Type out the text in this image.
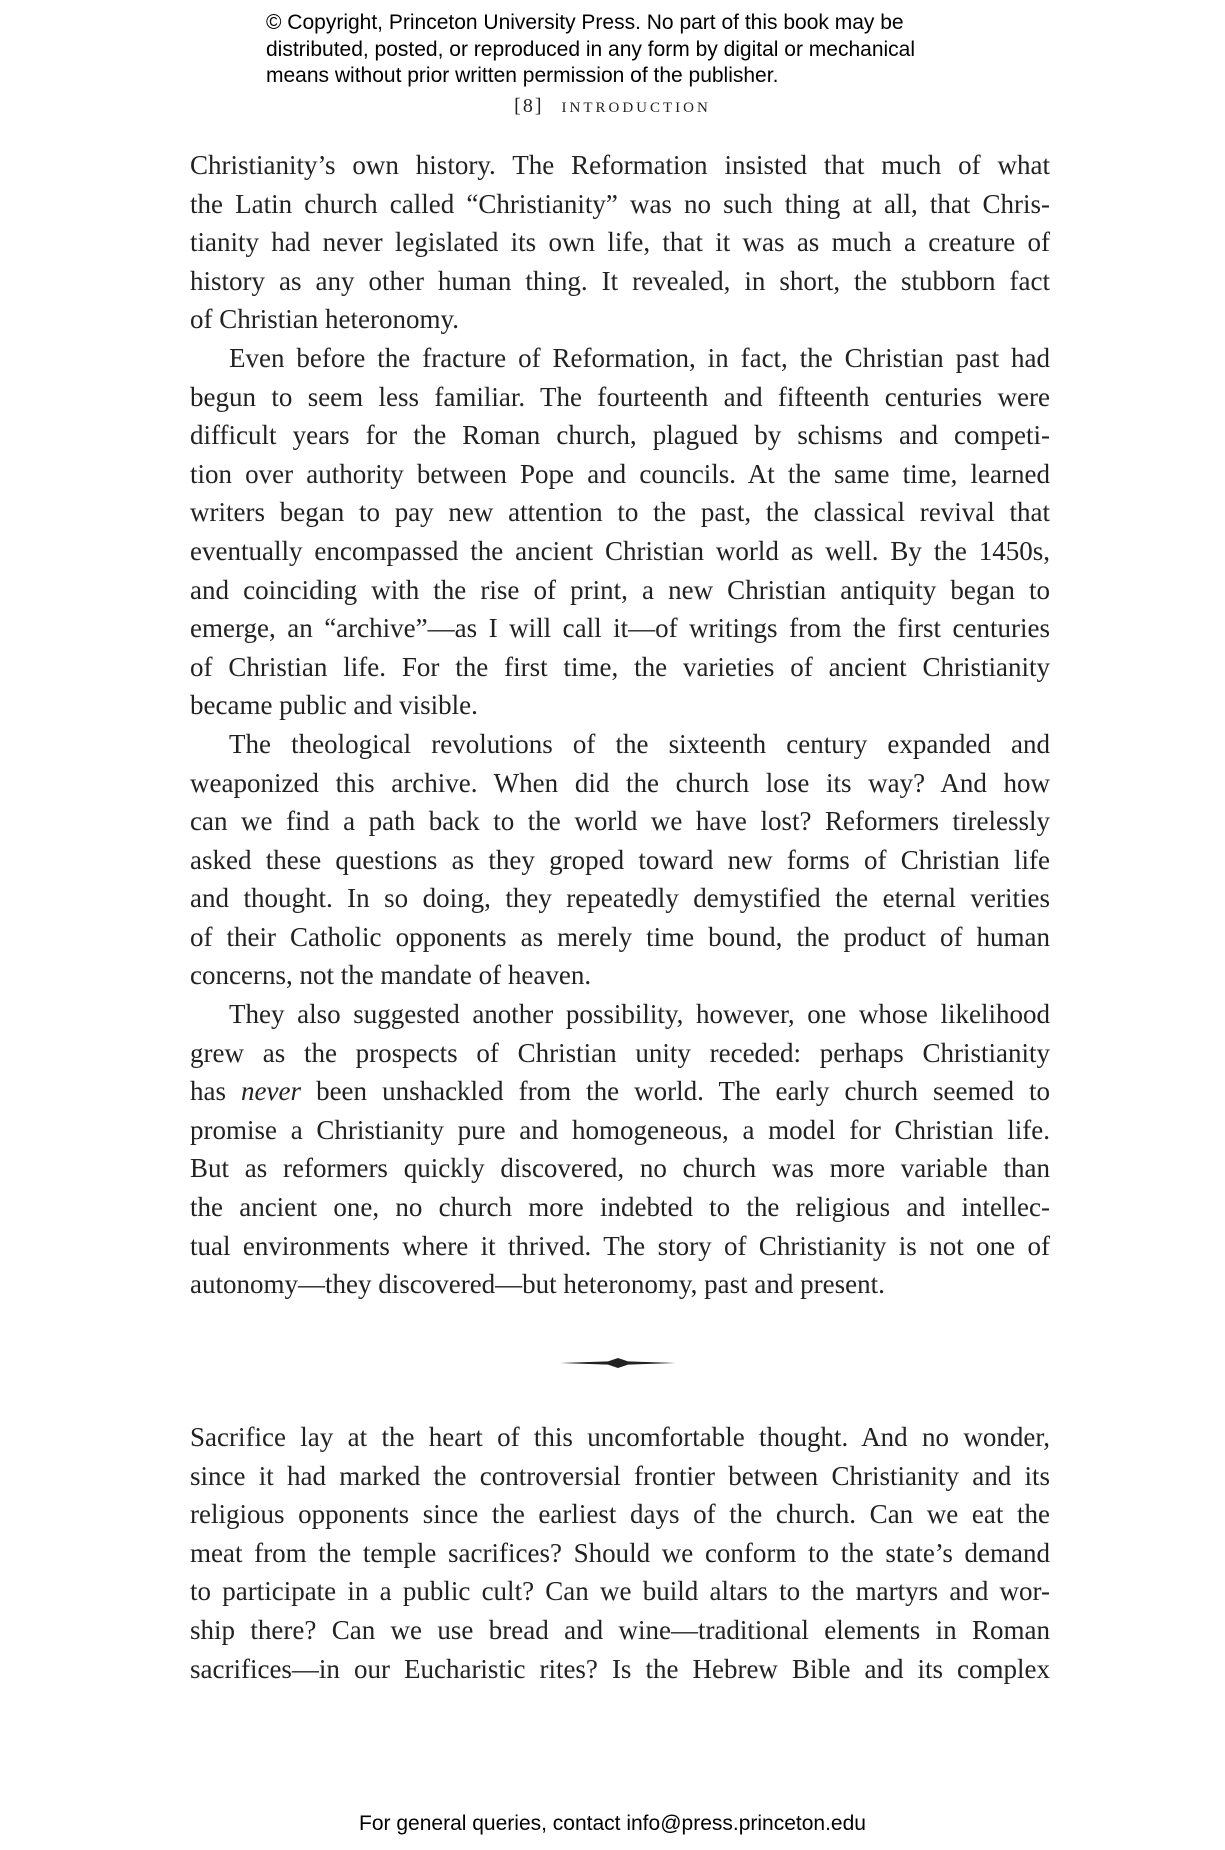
© Copyright, Princeton University Press. No part of this book may be
distributed, posted, or reproduced in any form by digital or mechanical
means without prior written permission of the publisher.
[8] introduction
Christianity’s own history. The Reformation insisted that much of what
the Latin church called “Christianity” was no such thing at all, that Chris-
tianity had never legislated its own life, that it was as much a creature of
history as any other human thing. It revealed, in short, the stubborn fact
of Christian heteronomy.
Even before the fracture of Reformation, in fact, the Christian past had
begun to seem less familiar. The fourteenth and fifteenth centuries were
difficult years for the Roman church, plagued by schisms and competi-
tion over authority between Pope and councils. At the same time, learned
writers began to pay new attention to the past, the classical revival that
eventually encompassed the ancient Christian world as well. By the 1450s,
and coinciding with the rise of print, a new Christian antiquity began to
emerge, an “archive”—as I will call it—of writings from the first centuries
of Christian life. For the first time, the varieties of ancient Christianity
became public and visible.
The theological revolutions of the sixteenth century expanded and
weaponized this archive. When did the church lose its way? And how
can we find a path back to the world we have lost? Reformers tirelessly
asked these questions as they groped toward new forms of Christian life
and thought. In so doing, they repeatedly demystified the eternal verities
of their Catholic opponents as merely time bound, the product of human
concerns, not the mandate of heaven.
They also suggested another possibility, however, one whose likelihood
grew as the prospects of Christian unity receded: perhaps Christianity
has never been unshackled from the world. The early church seemed to
promise a Christianity pure and homogeneous, a model for Christian life.
But as reformers quickly discovered, no church was more variable than
the ancient one, no church more indebted to the religious and intellec-
tual environments where it thrived. The story of Christianity is not one of
autonomy—they discovered—but heteronomy, past and present.
Sacrifice lay at the heart of this uncomfortable thought. And no wonder,
since it had marked the controversial frontier between Christianity and its
religious opponents since the earliest days of the church. Can we eat the
meat from the temple sacrifices? Should we conform to the state’s demand
to participate in a public cult? Can we build altars to the martyrs and wor-
ship there? Can we use bread and wine—traditional elements in Roman
sacrifices—in our Eucharistic rites? Is the Hebrew Bible and its complex
For general queries, contact info@press.princeton.edu
